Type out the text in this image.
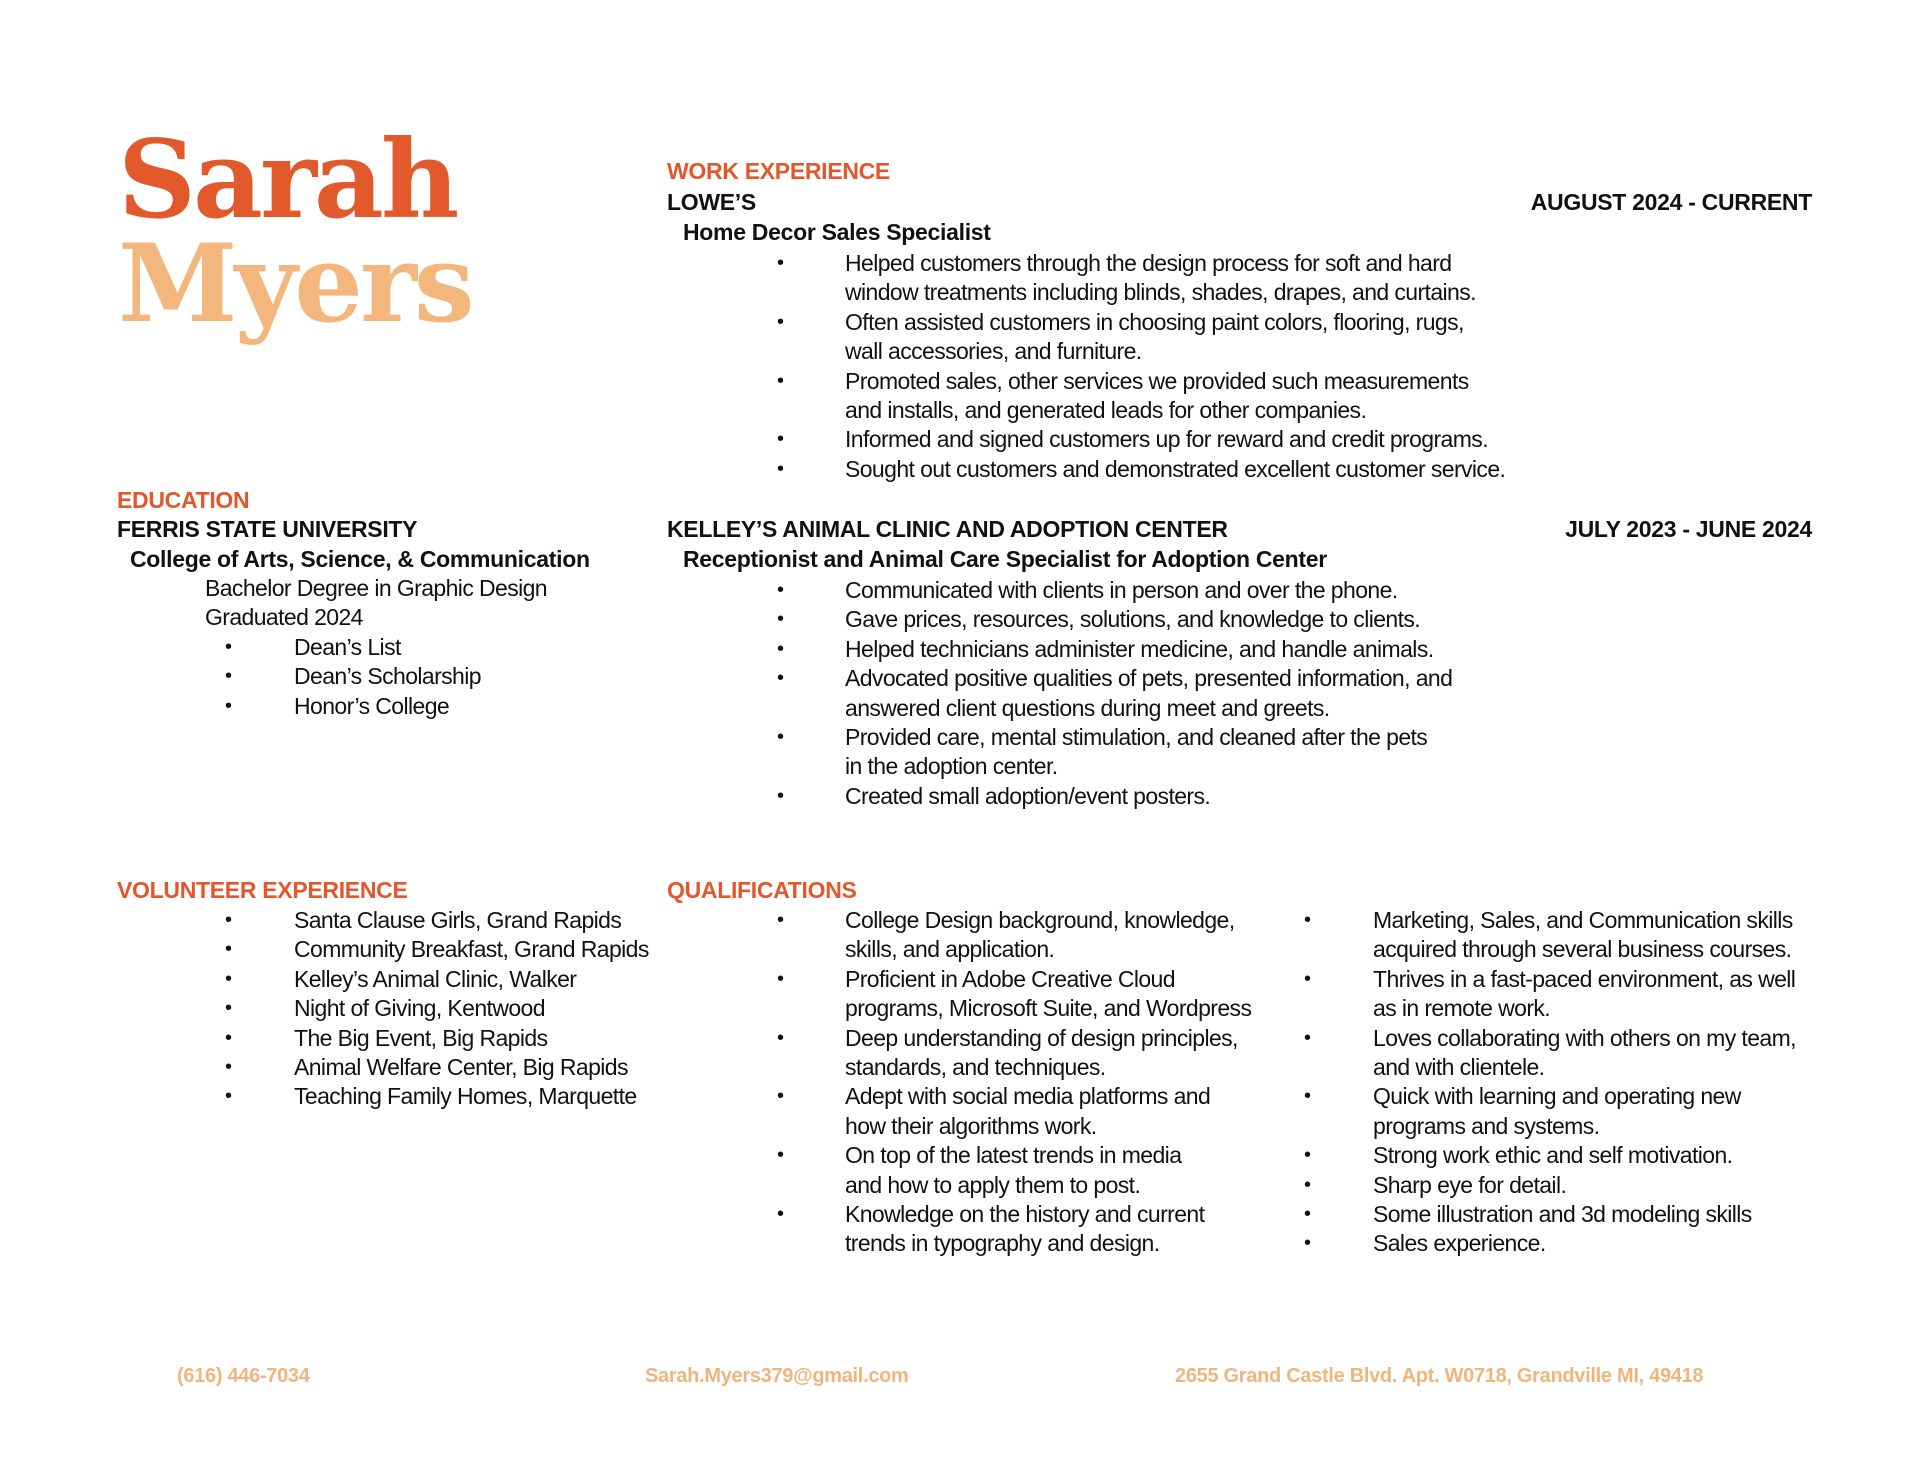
Sarah
Myers
WORK EXPERIENCE
LOWE’S	AUGUST 2024 - CURRENT
Home Decor Sales Specialist
•	Helped customers through the design process for soft and hard
window treatments including blinds, shades, drapes, and curtains.
•	Often assisted customers in choosing paint colors, flooring, rugs,
wall accessories, and furniture.
•	Promoted sales, other services we provided such measurements
and installs, and generated leads for other companies.
•	Informed and signed customers up for reward and credit programs.
•	Sought out customers and demonstrated excellent customer service.
KELLEY’S ANIMAL CLINIC AND ADOPTION CENTER	JULY 2023 - JUNE 2024
Receptionist and Animal Care Specialist for Adoption Center
•	Communicated with clients in person and over the phone.
•	Gave prices, resources, solutions, and knowledge to clients.
•	Helped technicians administer medicine, and handle animals.
•	Advocated positive qualities of pets, presented information, and
answered client questions during meet and greets.
•	Provided care, mental stimulation, and cleaned after the pets
in the adoption center.
•	Created small adoption/event posters.
EDUCATION
FERRIS STATE UNIVERSITY
College of Arts, Science, & Communication
Bachelor Degree in Graphic Design
Graduated 2024
•	Dean’s List
•	Dean’s Scholarship
•	Honor’s College
VOLUNTEER EXPERIENCE
•	Santa Clause Girls, Grand Rapids
•	Community Breakfast, Grand Rapids
•	Kelley’s Animal Clinic, Walker
•	Night of Giving, Kentwood
•	The Big Event, Big Rapids
•	Animal Welfare Center, Big Rapids
•	Teaching Family Homes, Marquette
QUALIFICATIONS
•	College Design background, knowledge,
skills, and application.
•	Proficient in Adobe Creative Cloud
programs, Microsoft Suite, and Wordpress
•	Deep understanding of design principles,
standards, and techniques.
•	Adept with social media platforms and
how their algorithms work.
•	On top of the latest trends in media
and how to apply them to post.
•	Knowledge on the history and current
trends in typography and design.
•	Marketing, Sales, and Communication skills
acquired through several business courses.
•	Thrives in a fast-paced environment, as well
as in remote work.
•	Loves collaborating with others on my team,
and with clientele.
•	Quick with learning and operating new
programs and systems.
•	Strong work ethic and self motivation.
•	Sharp eye for detail.
•	Some illustration and 3d modeling skills
•	Sales experience.
(616) 446-7034	Sarah.Myers379@gmail.com	2655 Grand Castle Blvd. Apt. W0718, Grandville MI, 49418
